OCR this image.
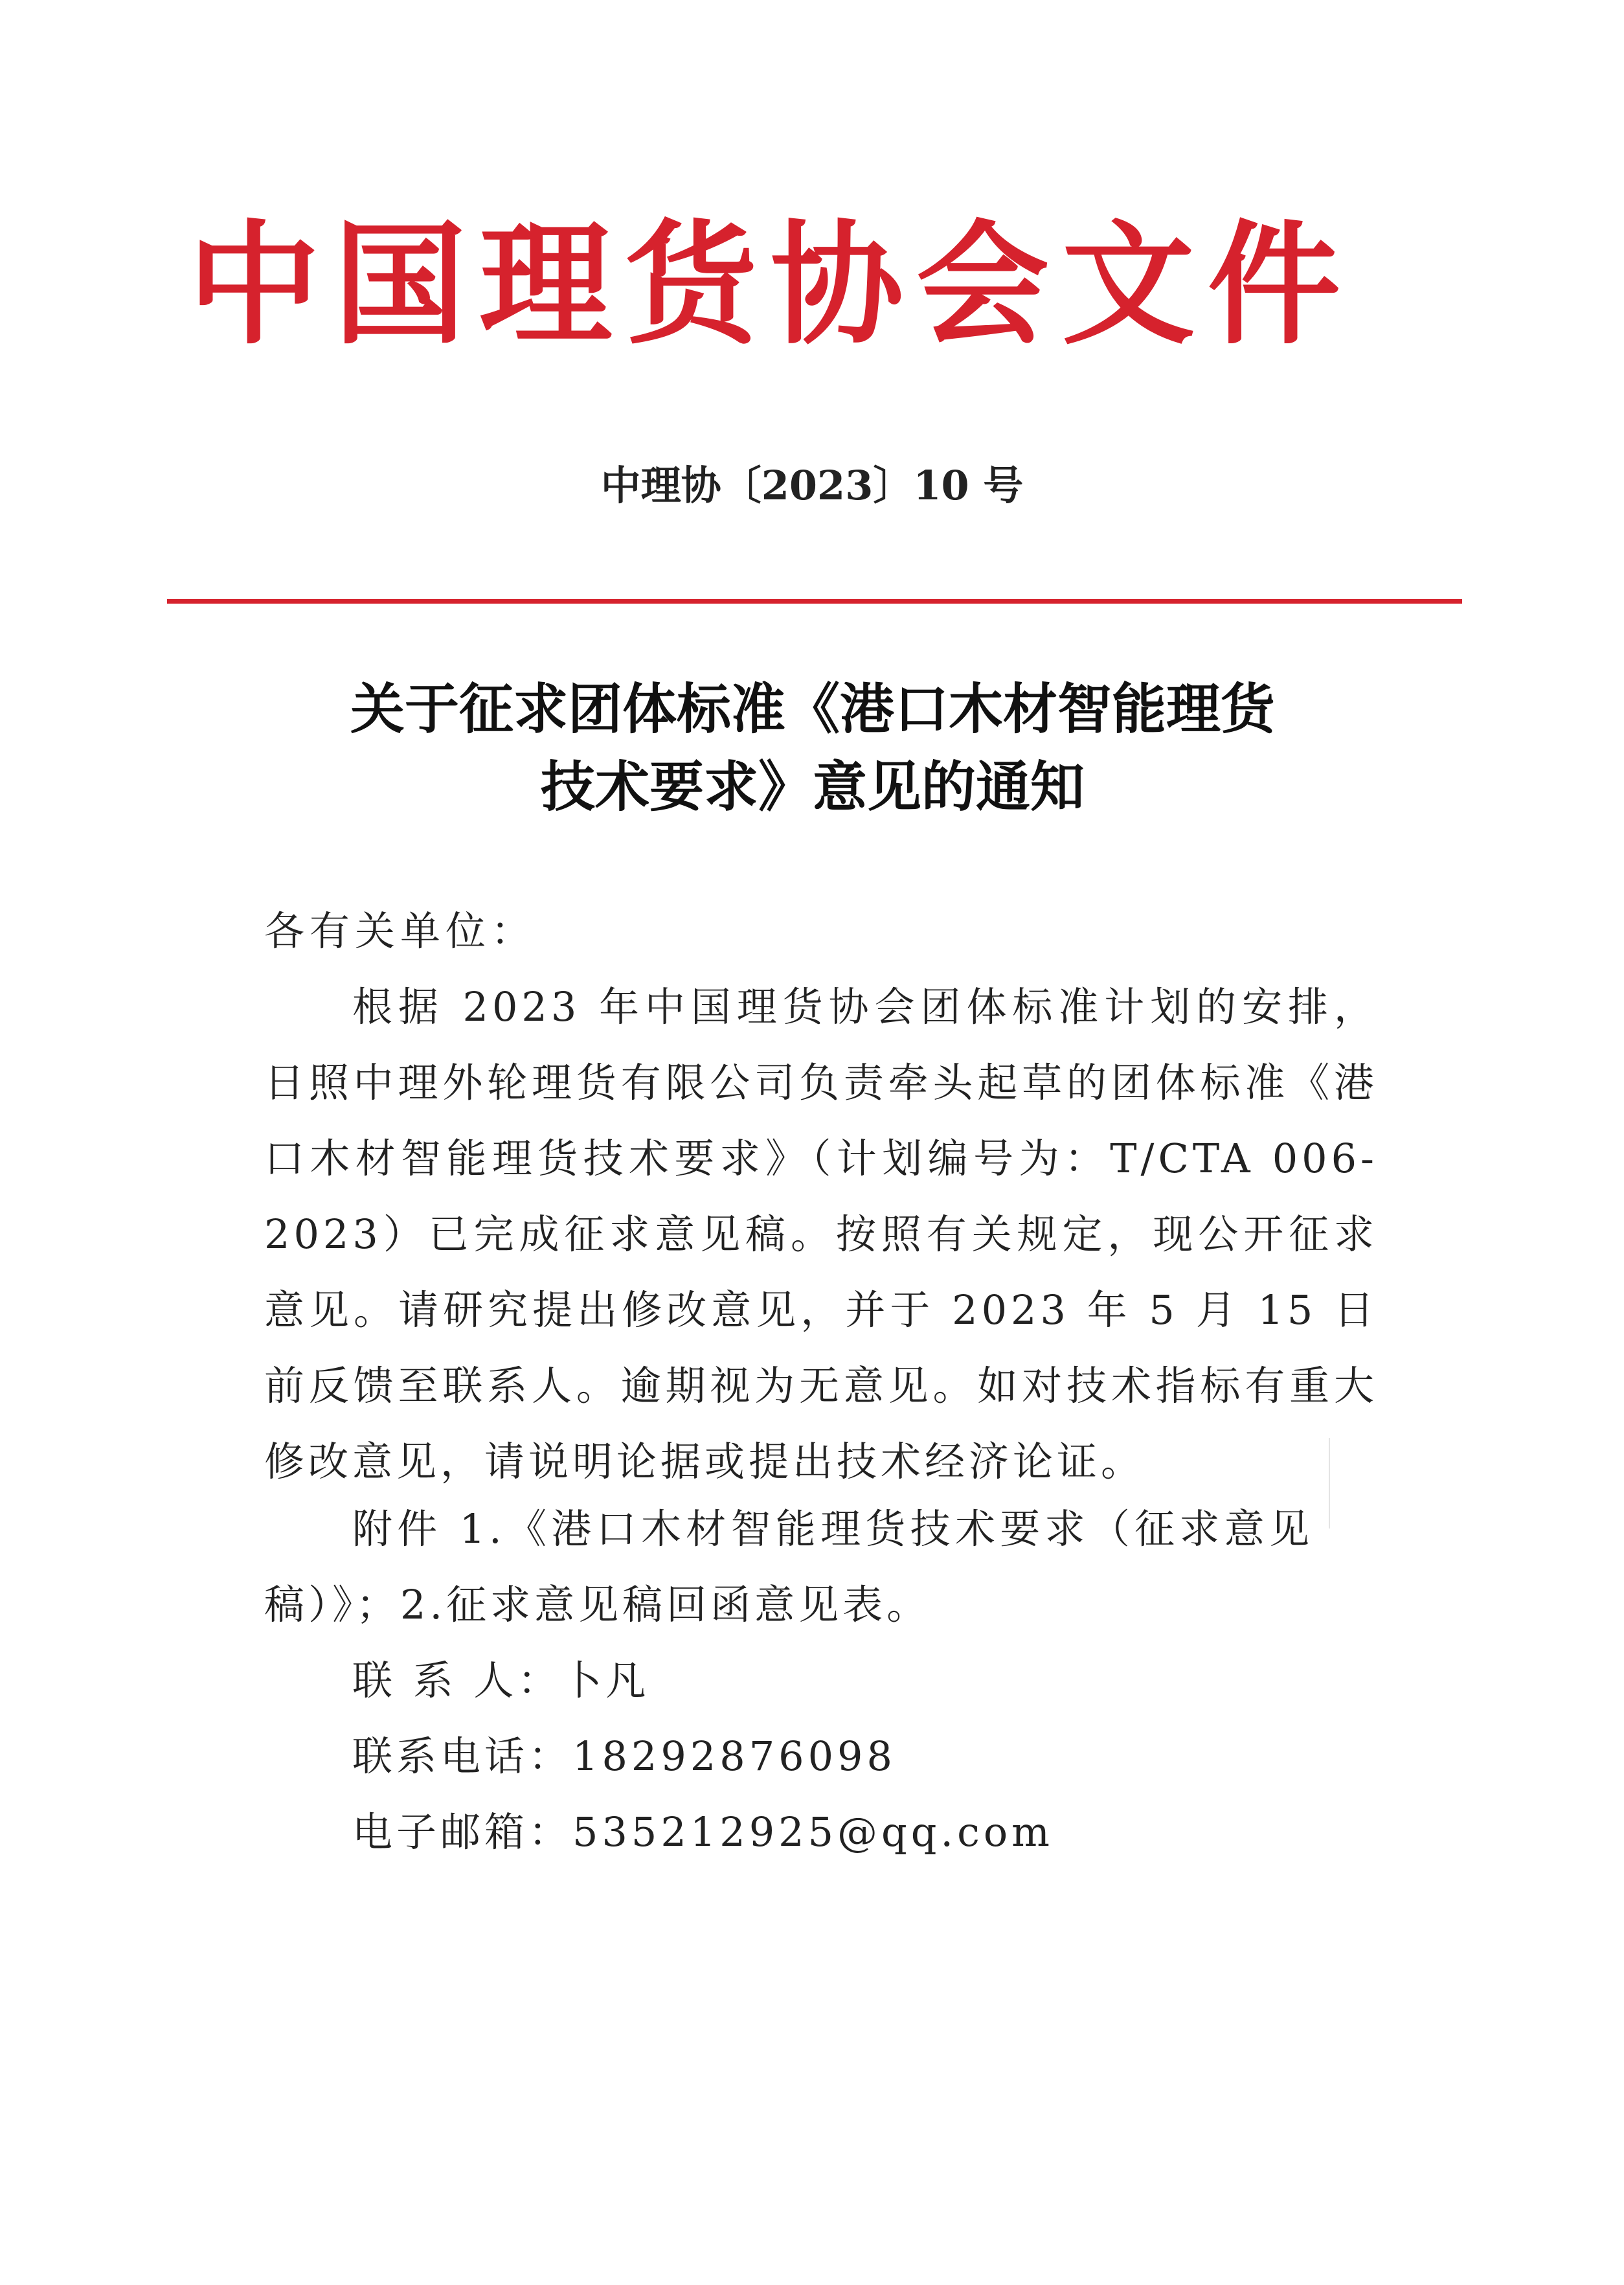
中国理货协会文件
中理协〔2023〕10 号
关于征求团体标准《港口木材智能理货
技术要求》意见的通知
各有关单位：
根据 2023 年中国理货协会团体标准计划的安排，日照中理外轮理货有限公司负责牵头起草的团体标准《港口木材智能理货技术要求》（计划编号为：T/CTA 006-2023）已完成征求意见稿。按照有关规定，现公开征求意见。请研究提出修改意见，并于 2023 年 5 月 15 日前反馈至联系人。逾期视为无意见。如对技术指标有重大修改意见，请说明论据或提出技术经济论证。
附件 1.《港口木材智能理货技术要求（征求意见稿）》；2.征求意见稿回函意见表。
联 系 人：卜凡
联系电话：18292876098
电子邮箱：535212925@qq.com
